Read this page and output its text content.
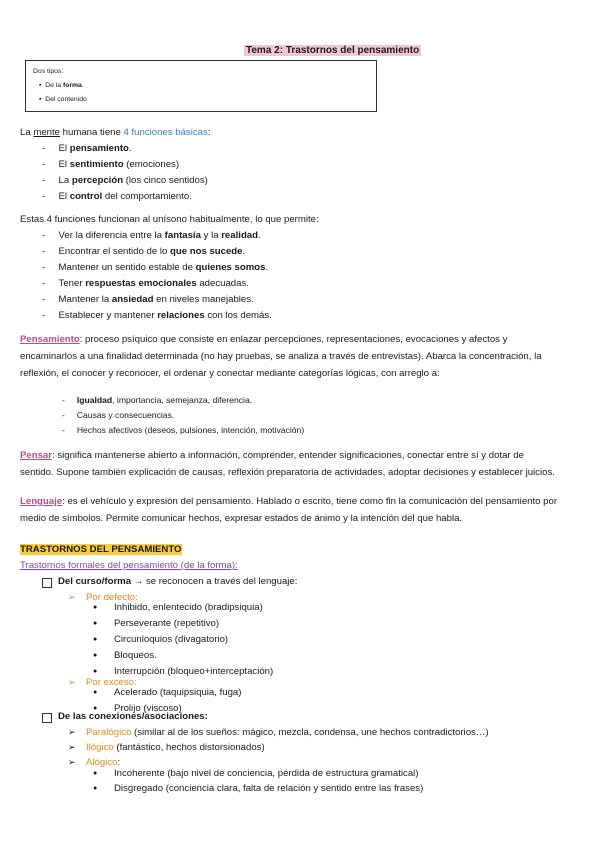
Tema 2: Trastornos del pensamiento
Dos tipos:
▪  De la forma.
▪  Del contenido
La mente humana tiene 4 funciones básicas:
-     El pensamiento.
-     El sentimiento (emociones)
-     La percepción (los cinco sentidos)
-     El control del comportamiento.
Estas 4 funciones funcionan al unísono habitualmente, lo que permite:
-     Ver la diferencia entre la fantasía y la realidad.
-     Encontrar el sentido de lo que nos sucede.
-     Mantener un sentido estable de quienes somos.
-     Tener respuestas emocionales adecuadas.
-     Mantener la ansiedad en niveles manejables.
-     Establecer y mantener relaciones con los demás.
Pensamiento: proceso psíquico que consiste en enlazar percepciones, representaciones, evocaciones y afectos y
encaminarlos a una finalidad determinada (no hay pruebas, se analiza a través de entrevistas). Abarca la concentración, la
reflexión, el conocer y reconocer, el ordenar y conectar mediante categorías lógicas, con arreglo a:
-     Igualdad, importancia, semejanza, diferencia.
-     Causas y consecuencias.
-     Hechos afectivos (deseos, pulsiones, intención, motivación)
Pensar: significa mantenerse abierto a información, comprender, entender significaciones, conectar entre sí y dotar de
sentido. Supone también explicación de causas, reflexión preparatoria de actividades, adoptar decisiones y establecer juicios.
Lenguaje: es el vehículo y expresión del pensamiento. Hablado o escrito, tiene como fin la comunicación del pensamiento por
medio de símbolos. Permite comunicar hechos, expresar estados de ánimo y la intención del que habla.
TRASTORNOS DEL PENSAMIENTO
Trastornos formales del pensamiento (de la forma):
Del curso/forma → se reconocen a través del lenguaje:
➢ Por defecto:
● Inhibido, enlentecido (bradipsiquia)
● Perseverante (repetitivo)
● Circunloquios (divagatorio)
● Bloqueos.
● Interrupción (bloqueo+interceptación)
➢ Por exceso:
● Acelerado (taquipsiquia, fuga)
● Prolijo (viscoso)
De las conexiones/asociaciones:
➢ Paralógico (similar al de los sueños: mágico, mezcla, condensa, une hechos contradictorios…)
➢ Ilógico (fantástico, hechos distorsionados)
➢ Alógico:
● Incoherente (bajo nivel de conciencia, pérdida de estructura gramatical)
● Disgregado (conciencia clara, falta de relación y sentido entre las frases)
